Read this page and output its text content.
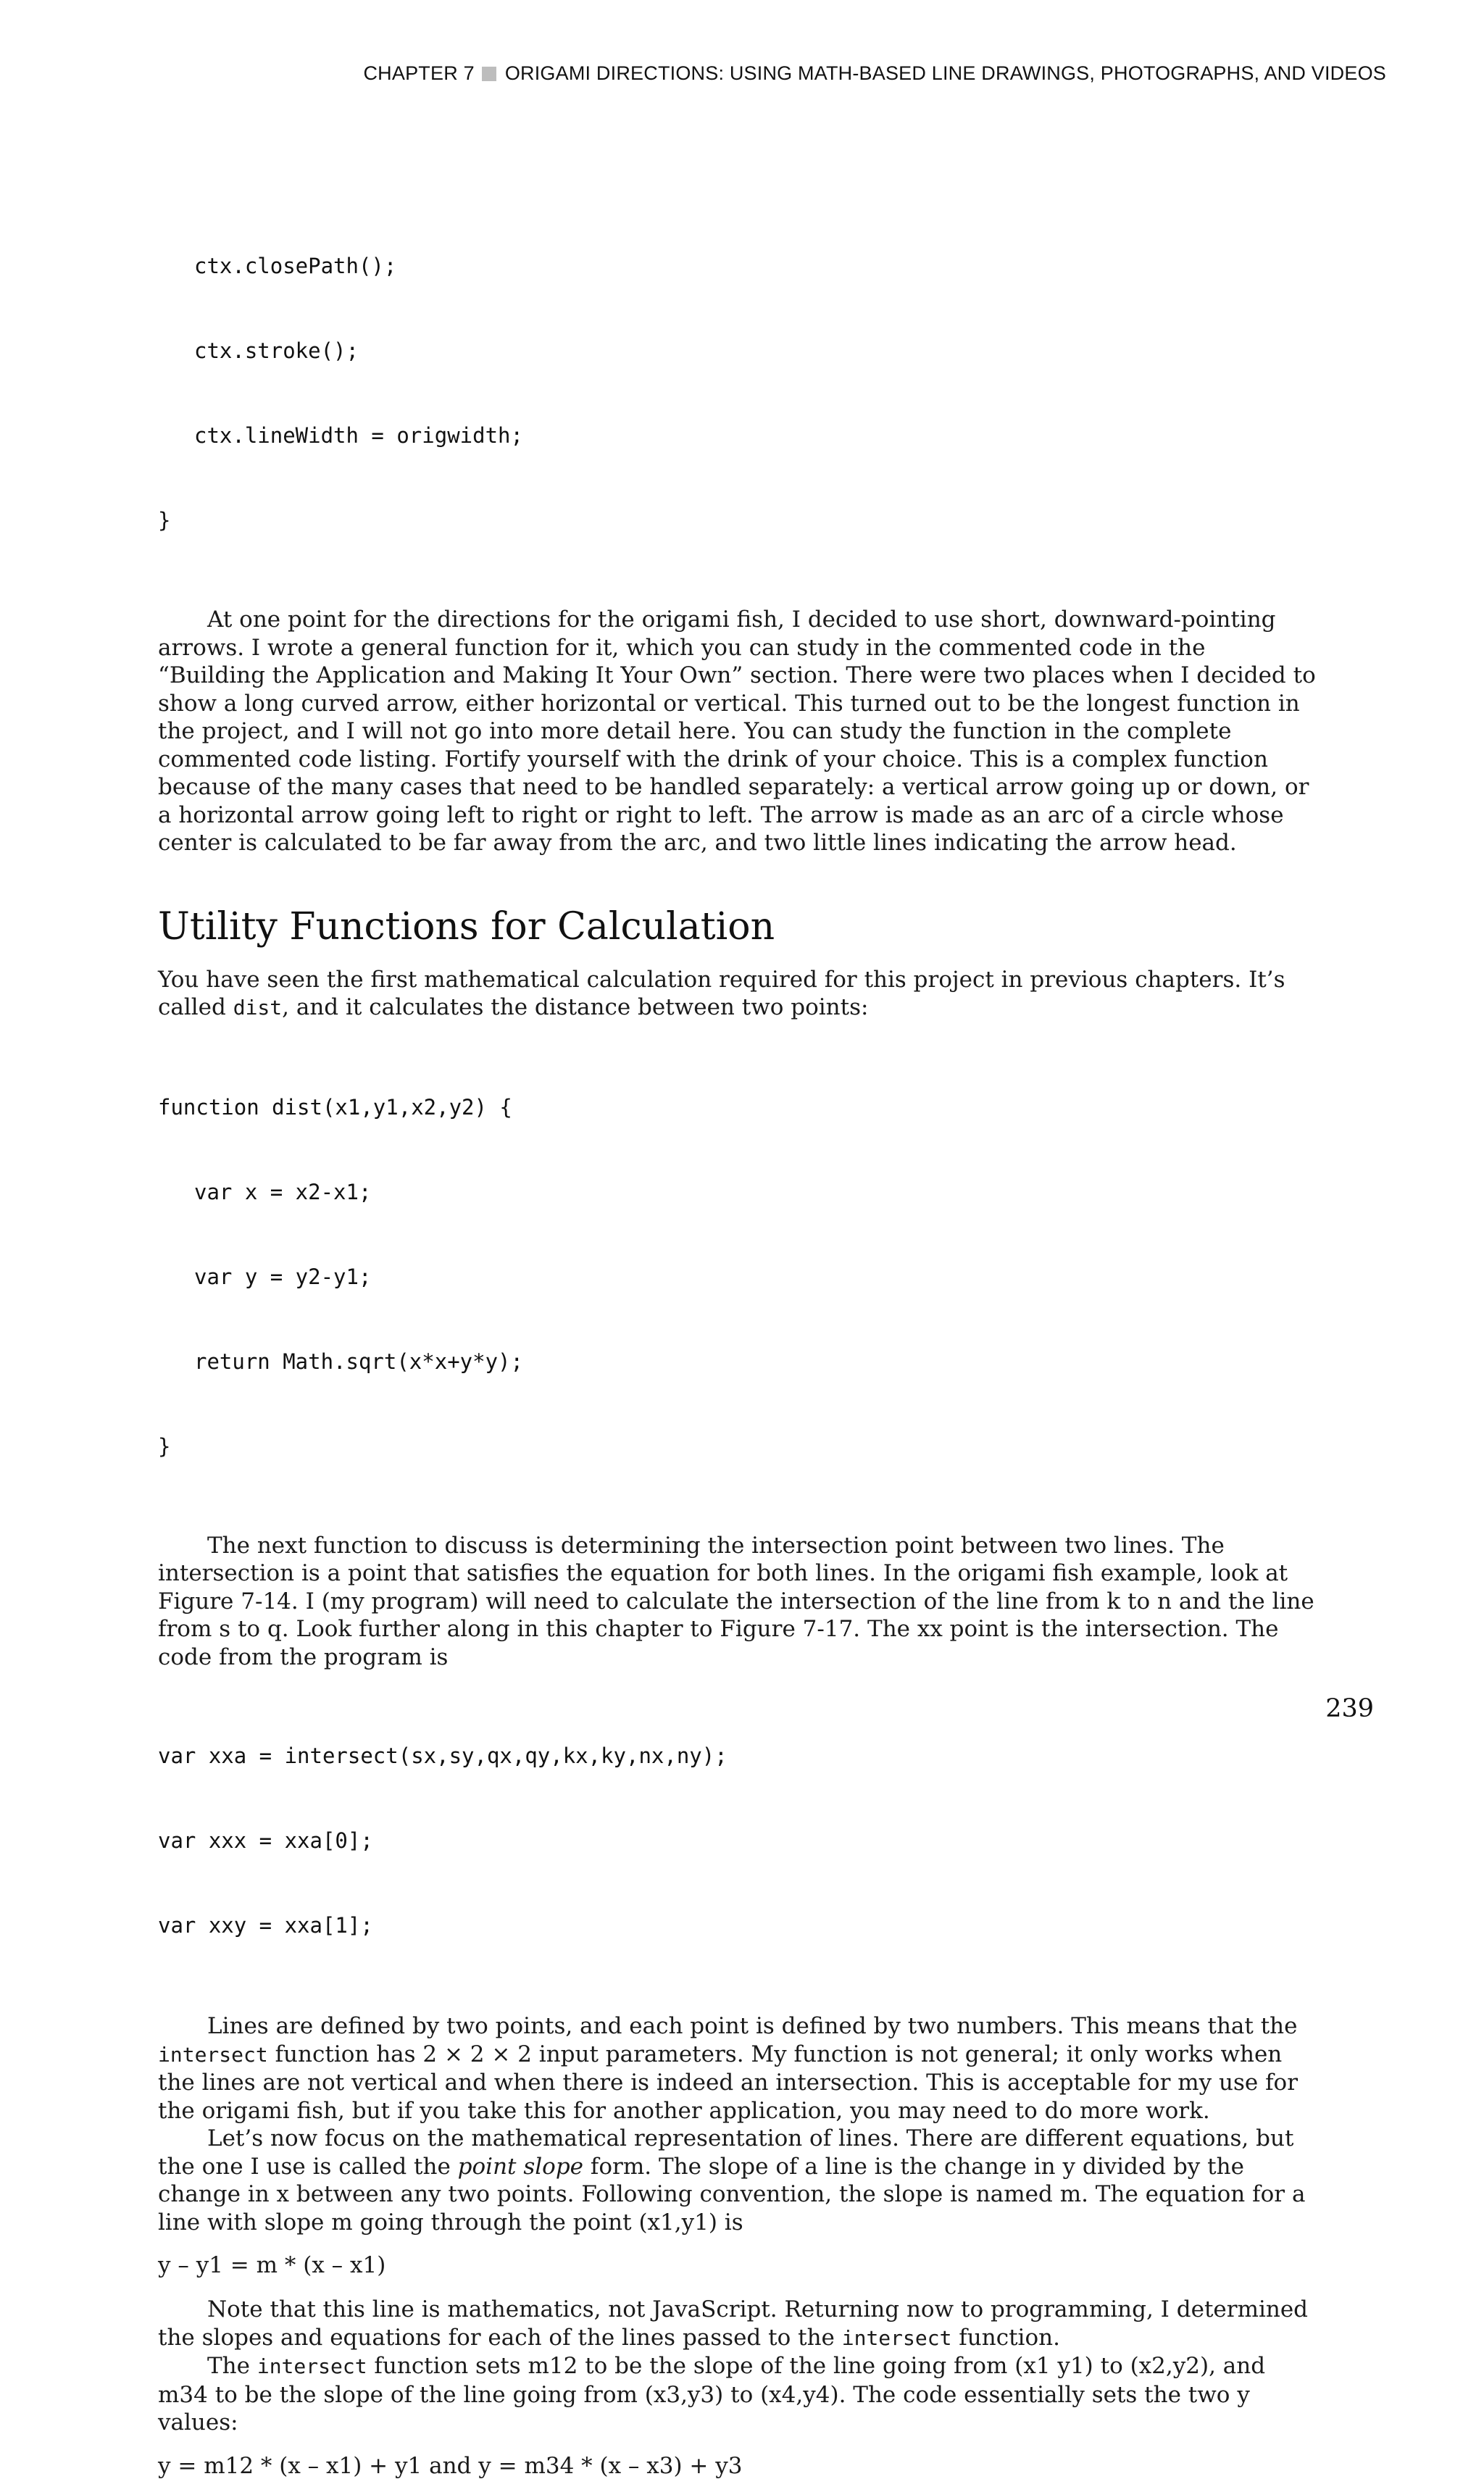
CHAPTER 7 ORIGAMI DIRECTIONS: USING MATH-BASED LINE DRAWINGS, PHOTOGRAPHS, AND VIDEOS

ctx.closePath();

ctx.stroke();

ctx.lineWidth = origwidth;

}

At one point for the directions for the origami fish, I decided to use short, downward-pointing arrows. I wrote a general function for it, which you can study in the commented code in the “Building the Application and Making It Your Own” section. There were two places when I decided to show a long curved arrow, either horizontal or vertical. This turned out to be the longest function in the project, and I will not go into more detail here. You can study the function in the complete commented code listing. Fortify yourself with the drink of your choice. This is a complex function because of the many cases that need to be handled separately: a vertical arrow going up or down, or a horizontal arrow going left to right or right to left. The arrow is made as an arc of a circle whose center is calculated to be far away from the arc, and two little lines indicating the arrow head.

Utility Functions for Calculation

You have seen the first mathematical calculation required for this project in previous chapters. It’s called dist, and it calculates the distance between two points:

function dist(x1,y1,x2,y2) {

var x = x2-x1;

var y = y2-y1;

return Math.sqrt(x*x+y*y);

}

The next function to discuss is determining the intersection point between two lines. The intersection is a point that satisfies the equation for both lines. In the origami fish example, look at Figure 7-14. I (my program) will need to calculate the intersection of the line from k to n and the line from s to q. Look further along in this chapter to Figure 7-17. The xx point is the intersection. The code from the program is

var xxa = intersect(sx,sy,qx,qy,kx,ky,nx,ny);

var xxx = xxa[0];

var xxy = xxa[1];

Lines are defined by two points, and each point is defined by two numbers. This means that the intersect function has 2 × 2 × 2 input parameters. My function is not general; it only works when the lines are not vertical and when there is indeed an intersection. This is acceptable for my use for the origami fish, but if you take this for another application, you may need to do more work.

Let’s now focus on the mathematical representation of lines. There are different equations, but the one I use is called the point slope form. The slope of a line is the change in y divided by the change in x between any two points. Following convention, the slope is named m. The equation for a line with slope m going through the point (x1,y1) is

y – y1 = m * (x – x1)

Note that this line is mathematics, not JavaScript. Returning now to programming, I determined the slopes and equations for each of the lines passed to the intersect function.

The intersect function sets m12 to be the slope of the line going from (x1 y1) to (x2,y2), and m34 to be the slope of the line going from (x3,y3) to (x4,y4). The code essentially sets the two y values:

y = m12 * (x – x1) + y1 and y = m34 * (x – x3) + y3

239
